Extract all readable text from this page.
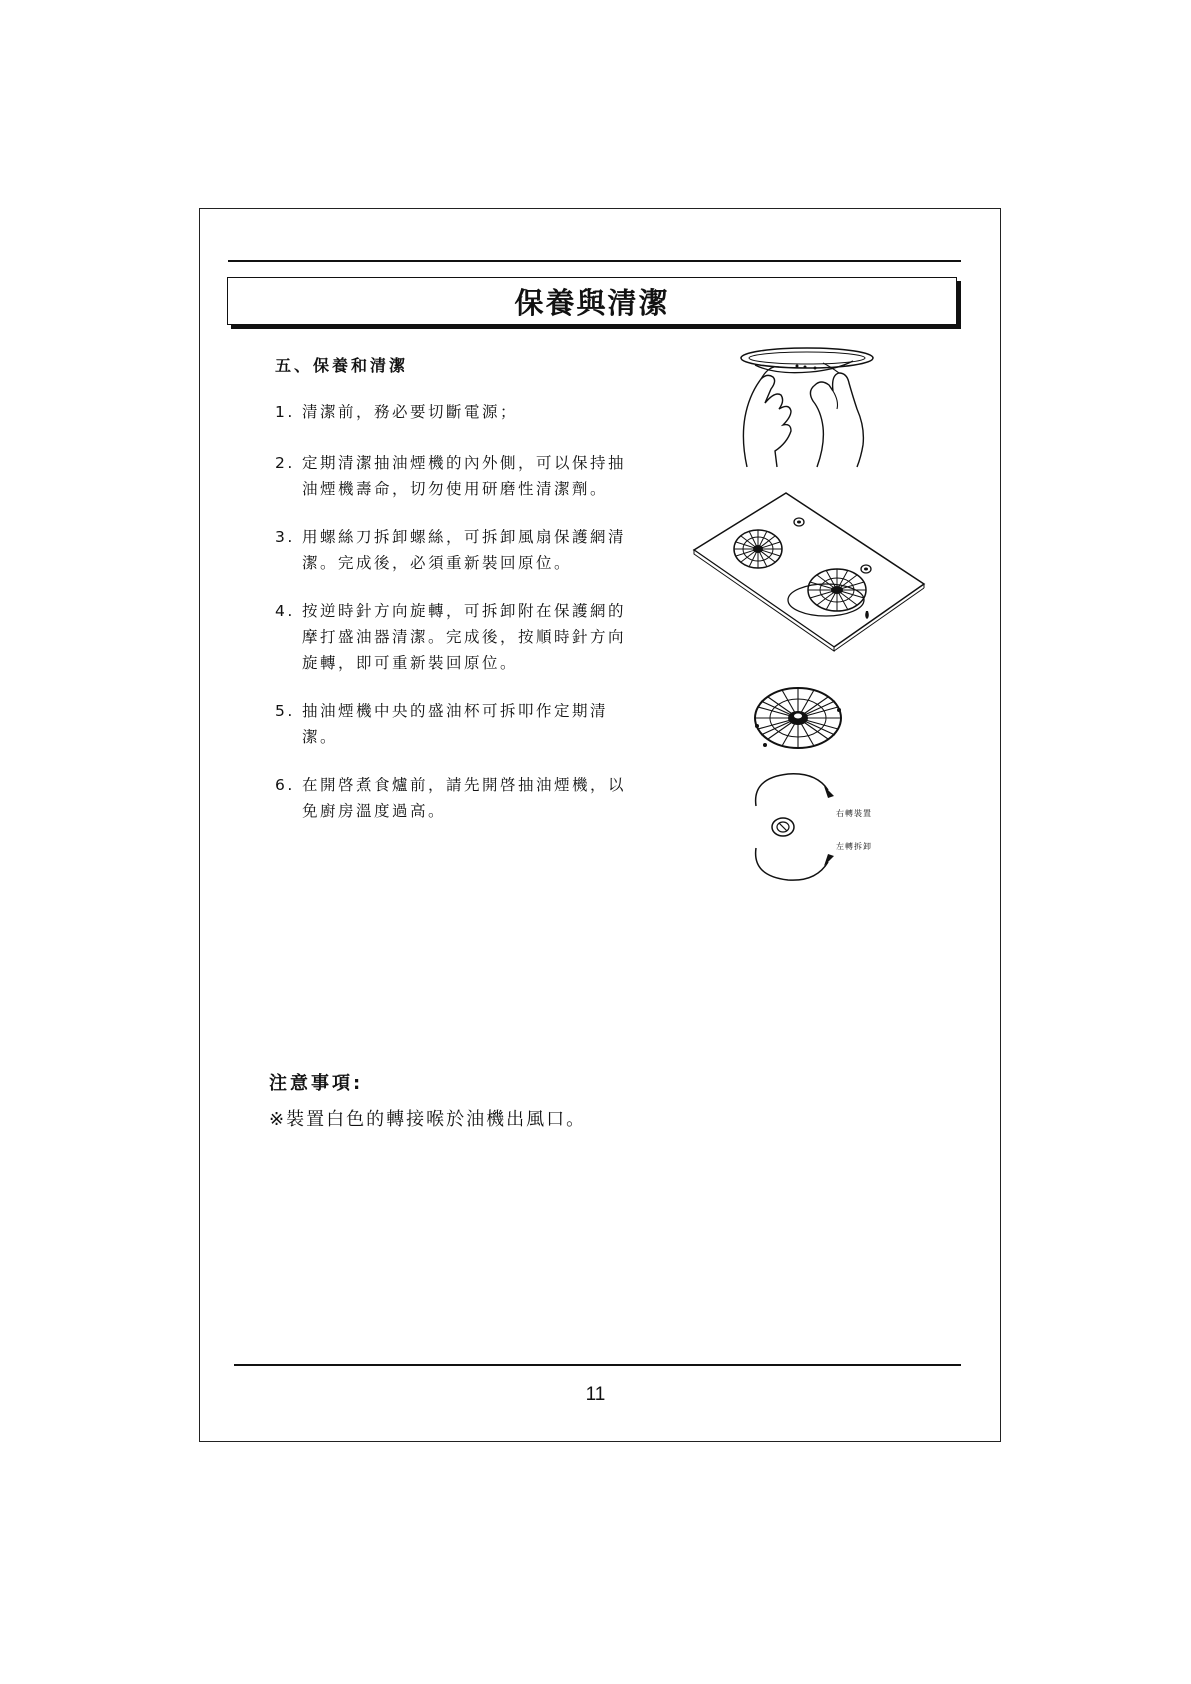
保養與清潔
五、保養和清潔
1. 清潔前，務必要切斷電源；
2. 定期清潔抽油煙機的內外側，可以保持抽
油煙機壽命，切勿使用研磨性清潔劑。
3. 用螺絲刀拆卸螺絲，可拆卸風扇保護網清
潔。完成後，必須重新裝回原位。
4. 按逆時針方向旋轉，可拆卸附在保護網的
摩打盛油器清潔。完成後，按順時針方向
旋轉，即可重新裝回原位。
5. 抽油煙機中央的盛油杯可拆叩作定期清
潔。
6. 在開啓煮食爐前，請先開啓抽油煙機，以
免廚房溫度過高。	右轉裝置
左轉拆卸
注意事項:
※裝置白色的轉接喉於油機出風口。
11
